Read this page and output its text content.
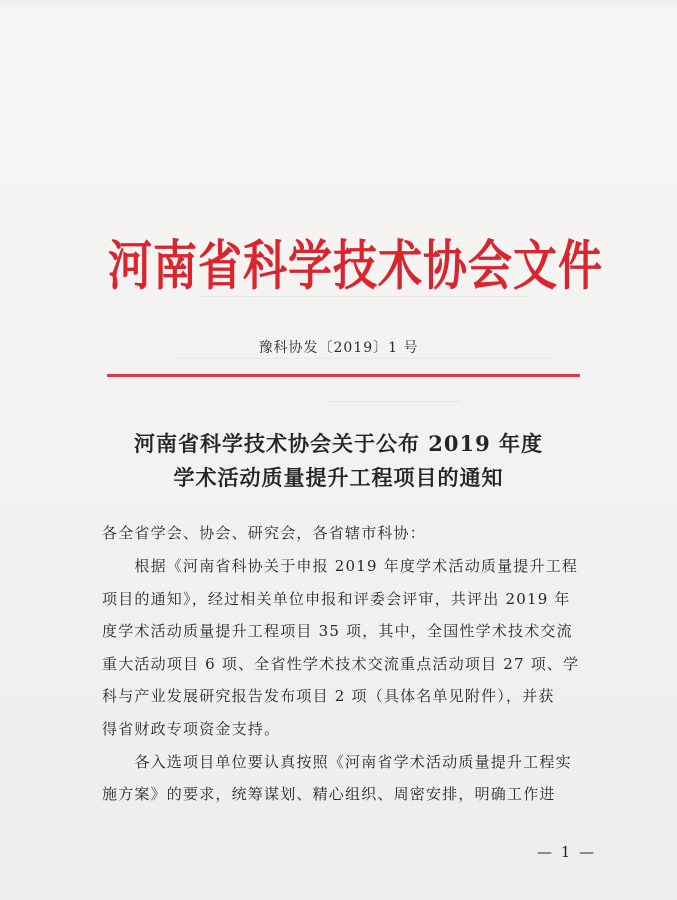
河南省科学技术协会文件
豫科协发〔2019〕1 号
河南省科学技术协会关于公布 2019 年度
学术活动质量提升工程项目的通知
各全省学会、协会、研究会，各省辖市科协：
　　根据《河南省科协关于申报 2019 年度学术活动质量提升工程
项目的通知》，经过相关单位申报和评委会评审，共评出 2019 年
度学术活动质量提升工程项目 35 项，其中，全国性学术技术交流
重大活动项目 6 项、全省性学术技术交流重点活动项目 27 项、学
科与产业发展研究报告发布项目 2 项（具体名单见附件），并获
得省财政专项资金支持。
　　各入选项目单位要认真按照《河南省学术活动质量提升工程实
施方案》的要求，统筹谋划、精心组织、周密安排，明确工作进
— 1 —
